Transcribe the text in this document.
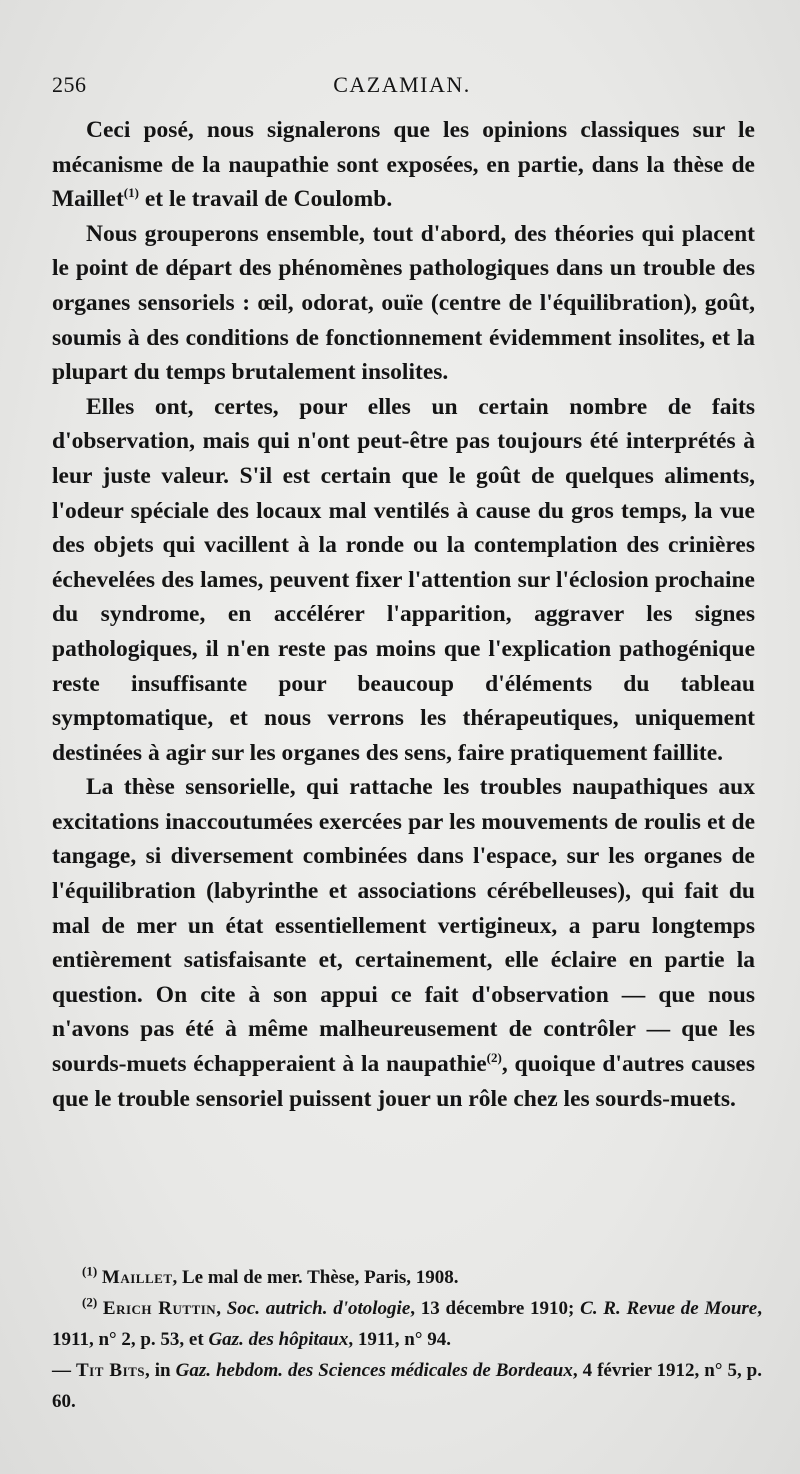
256	CAZAMIAN.

Ceci posé, nous signalerons que les opinions classiques sur le mécanisme de la naupathie sont exposées, en partie, dans la thèse de Maillet$^{(1)}$ et le travail de Coulomb.

Nous grouperons ensemble, tout d'abord, des théories qui placent le point de départ des phénomènes pathologiques dans un trouble des organes sensoriels : œil, odorat, ouïe (centre de l'équilibration), goût, soumis à des conditions de fonctionnement évidemment insolites, et la plupart du temps brutalement insolites.

Elles ont, certes, pour elles un certain nombre de faits d'observation, mais qui n'ont peut-être pas toujours été interprétés à leur juste valeur. S'il est certain que le goût de quelques aliments, l'odeur spéciale des locaux mal ventilés à cause du gros temps, la vue des objets qui vacillent à la ronde ou la contemplation des crinières échevelées des lames, peuvent fixer l'attention sur l'éclosion prochaine du syndrome, en accélérer l'apparition, aggraver les signes pathologiques, il n'en reste pas moins que l'explication pathogénique reste insuffisante pour beaucoup d'éléments du tableau symptomatique, et nous verrons les thérapeutiques, uniquement destinées à agir sur les organes des sens, faire pratiquement faillite.

La thèse sensorielle, qui rattache les troubles naupathiques aux excitations inaccoutumées exercées par les mouvements de roulis et de tangage, si diversement combinées dans l'espace, sur les organes de l'équilibration (labyrinthe et associations cérébelleuses), qui fait du mal de mer un état essentiellement vertigineux, a paru longtemps entièrement satisfaisante et, certainement, elle éclaire en partie la question. On cite à son appui ce fait d'observation — que nous n'avons pas été à même malheureusement de contrôler — que les sourds-muets échapperaient à la naupathie$^{(2)}$, quoique d'autres causes que le trouble sensoriel puissent jouer un rôle chez les sourds-muets.

$^{(1)}$ Maillet, Le mal de mer. Thèse, Paris, 1908.

$^{(2)}$ Erich Ruttin, Soc. autrich. d'otologie, 13 décembre 1910; C. R. Revue de Moure, 1911, n° 2, p. 53, et Gaz. des hôpitaux, 1911, n° 94.
— Tit Bits, in Gaz. hebdom. des Sciences médicales de Bordeaux, 4 février 1912, n° 5, p. 60.
